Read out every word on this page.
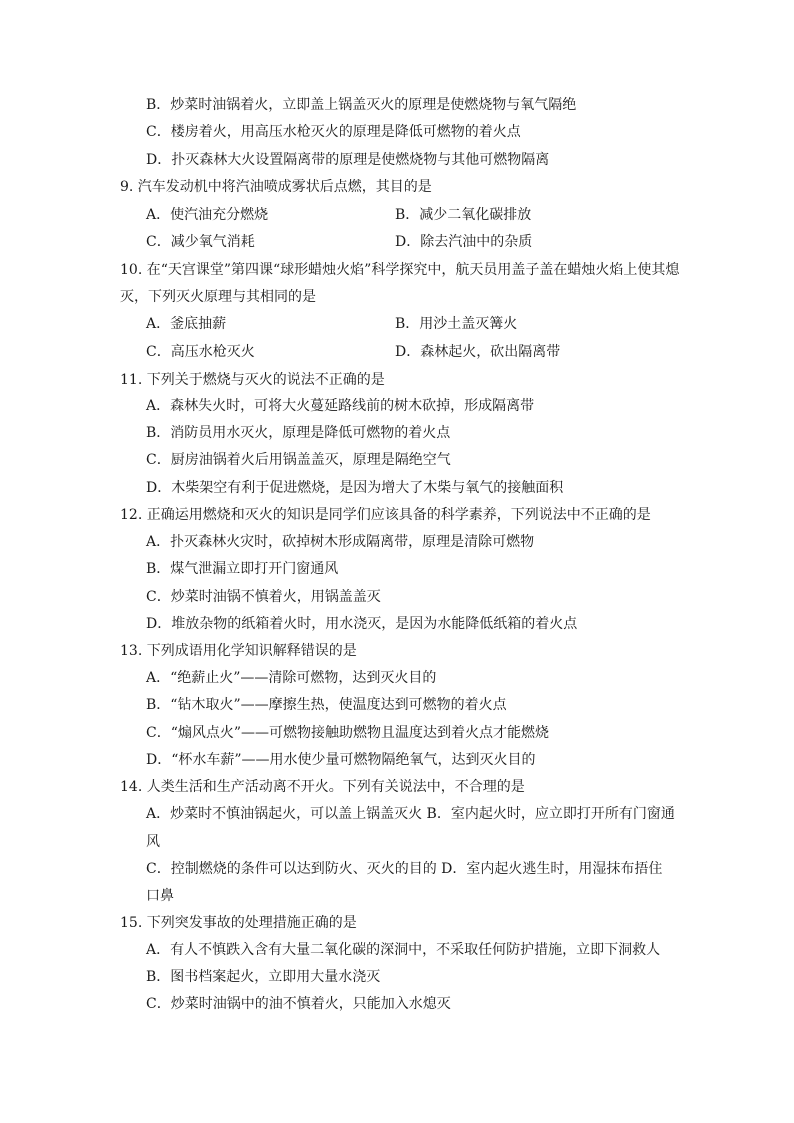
B．炒菜时油锅着火，立即盖上锅盖灭火的原理是使燃烧物与氧气隔绝
C．楼房着火，用高压水枪灭火的原理是降低可燃物的着火点
D．扑灭森林大火设置隔离带的原理是使燃烧物与其他可燃物隔离
9. 汽车发动机中将汽油喷成雾状后点燃，其目的是
A．使汽油充分燃烧	B．减少二氧化碳排放
C．减少氧气消耗	D．除去汽油中的杂质
10. 在“天宫课堂”第四课“球形蜡烛火焰”科学探究中，航天员用盖子盖在蜡烛火焰上使其熄
灭，下列灭火原理与其相同的是
A．釜底抽薪	B．用沙土盖灭篝火
C．高压水枪灭火	D．森林起火，砍出隔离带
11. 下列关于燃烧与灭火的说法不正确的是
A．森林失火时，可将大火蔓延路线前的树木砍掉，形成隔离带
B．消防员用水灭火，原理是降低可燃物的着火点
C．厨房油锅着火后用锅盖盖灭，原理是隔绝空气
D．木柴架空有利于促进燃烧，是因为增大了木柴与氧气的接触面积
12. 正确运用燃烧和灭火的知识是同学们应该具备的科学素养，下列说法中不正确的是
A．扑灭森林火灾时，砍掉树木形成隔离带，原理是清除可燃物
B．煤气泄漏立即打开门窗通风
C．炒菜时油锅不慎着火，用锅盖盖灭
D．堆放杂物的纸箱着火时，用水浇灭，是因为水能降低纸箱的着火点
13. 下列成语用化学知识解释错误的是
A．“绝薪止火”——清除可燃物，达到灭火目的
B．“钻木取火”——摩擦生热，使温度达到可燃物的着火点
C．“煽风点火”——可燃物接触助燃物且温度达到着火点才能燃烧
D．“杯水车薪”——用水使少量可燃物隔绝氧气，达到灭火目的
14. 人类生活和生产活动离不开火。下列有关说法中，不合理的是
A．炒菜时不慎油锅起火，可以盖上锅盖灭火 B．室内起火时，应立即打开所有门窗通
风
C．控制燃烧的条件可以达到防火、灭火的目的 D．室内起火逃生时，用湿抹布捂住
口鼻
15. 下列突发事故的处理措施正确的是
A．有人不慎跌入含有大量二氧化碳的深洞中，不采取任何防护措施，立即下洞救人
B．图书档案起火，立即用大量水浇灭
C．炒菜时油锅中的油不慎着火，只能加入水熄灭
